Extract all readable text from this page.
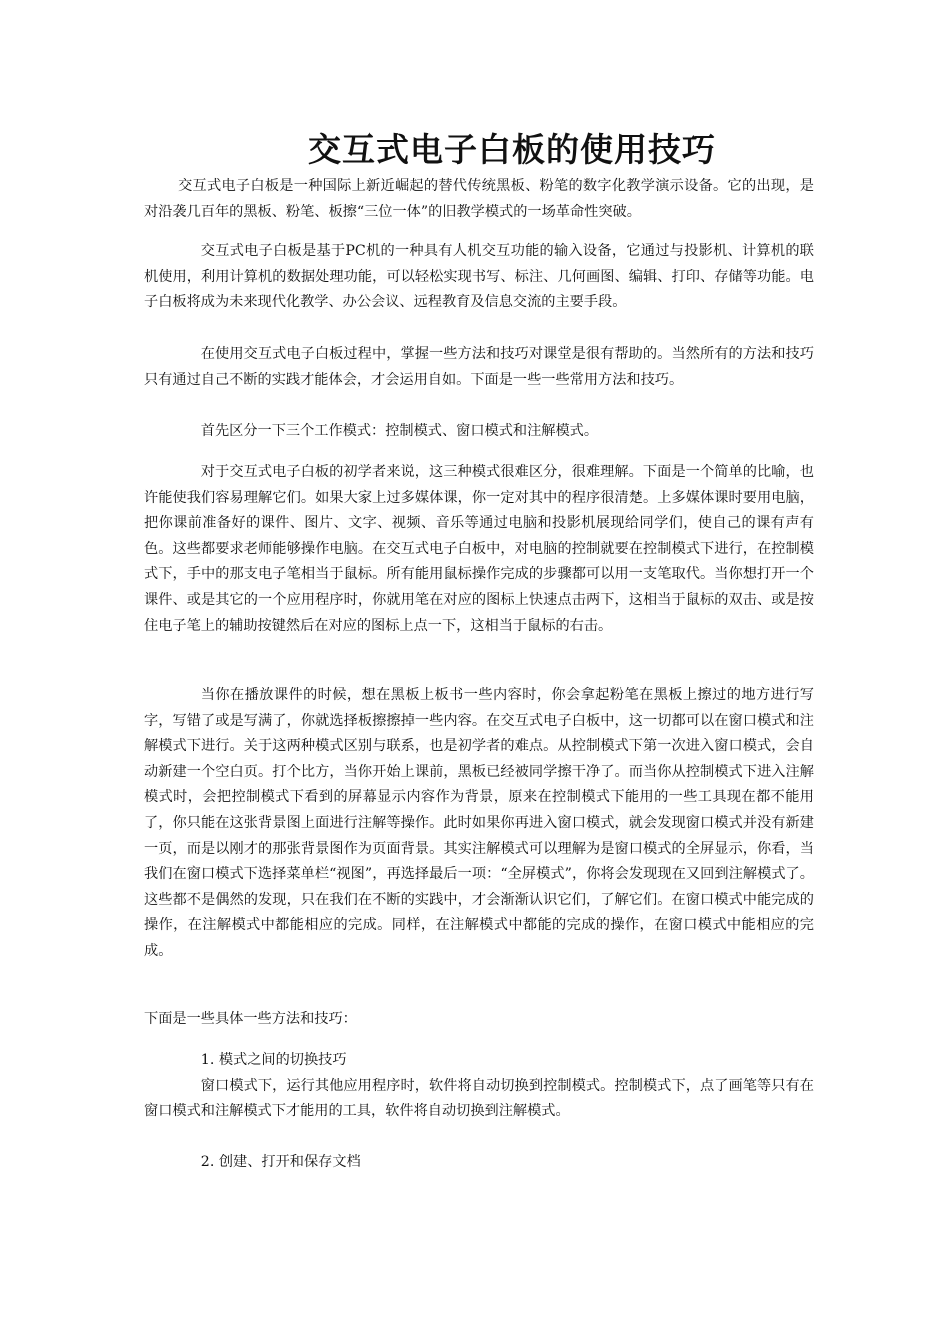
交互式电子白板的使用技巧

交互式电子白板是一种国际上新近崛起的替代传统黑板、粉笔的数字化教学演示设备。它的出现，是对沿袭几百年的黑板、粉笔、板擦“三位一体”的旧教学模式的一场革命性突破。

交互式电子白板是基于PC机的一种具有人机交互功能的输入设备，它通过与投影机、计算机的联机使用，利用计算机的数据处理功能，可以轻松实现书写、标注、几何画图、编辑、打印、存储等功能。电子白板将成为未来现代化教学、办公会议、远程教育及信息交流的主要手段。

在使用交互式电子白板过程中，掌握一些方法和技巧对课堂是很有帮助的。当然所有的方法和技巧只有通过自己不断的实践才能体会，才会运用自如。下面是一些一些常用方法和技巧。

首先区分一下三个工作模式：控制模式、窗口模式和注解模式。

对于交互式电子白板的初学者来说，这三种模式很难区分，很难理解。下面是一个简单的比喻，也许能使我们容易理解它们。如果大家上过多媒体课，你一定对其中的程序很清楚。上多媒体课时要用电脑，把你课前准备好的课件、图片、文字、视频、音乐等通过电脑和投影机展现给同学们，使自己的课有声有色。这些都要求老师能够操作电脑。在交互式电子白板中，对电脑的控制就要在控制模式下进行，在控制模式下，手中的那支电子笔相当于鼠标。所有能用鼠标操作完成的步骤都可以用一支笔取代。当你想打开一个课件、或是其它的一个应用程序时，你就用笔在对应的图标上快速点击两下，这相当于鼠标的双击、或是按住电子笔上的辅助按键然后在对应的图标上点一下，这相当于鼠标的右击。

当你在播放课件的时候，想在黑板上板书一些内容时，你会拿起粉笔在黑板上擦过的地方进行写字，写错了或是写满了，你就选择板擦擦掉一些内容。在交互式电子白板中，这一切都可以在窗口模式和注解模式下进行。关于这两种模式区别与联系，也是初学者的难点。从控制模式下第一次进入窗口模式，会自动新建一个空白页。打个比方，当你开始上课前，黑板已经被同学擦干净了。而当你从控制模式下进入注解模式时，会把控制模式下看到的屏幕显示内容作为背景，原来在控制模式下能用的一些工具现在都不能用了，你只能在这张背景图上面进行注解等操作。此时如果你再进入窗口模式，就会发现窗口模式并没有新建一页，而是以刚才的那张背景图作为页面背景。其实注解模式可以理解为是窗口模式的全屏显示，你看，当我们在窗口模式下选择菜单栏“视图”，再选择最后一项：“全屏模式”，你将会发现现在又回到注解模式了。这些都不是偶然的发现，只在我们在不断的实践中，才会渐渐认识它们，了解它们。在窗口模式中能完成的操作，在注解模式中都能相应的完成。同样，在注解模式中都能的完成的操作，在窗口模式中能相应的完成。

下面是一些具体一些方法和技巧：

1. 模式之间的切换技巧

窗口模式下，运行其他应用程序时，软件将自动切换到控制模式。控制模式下，点了画笔等只有在窗口模式和注解模式下才能用的工具，软件将自动切换到注解模式。

2. 创建、打开和保存文档
